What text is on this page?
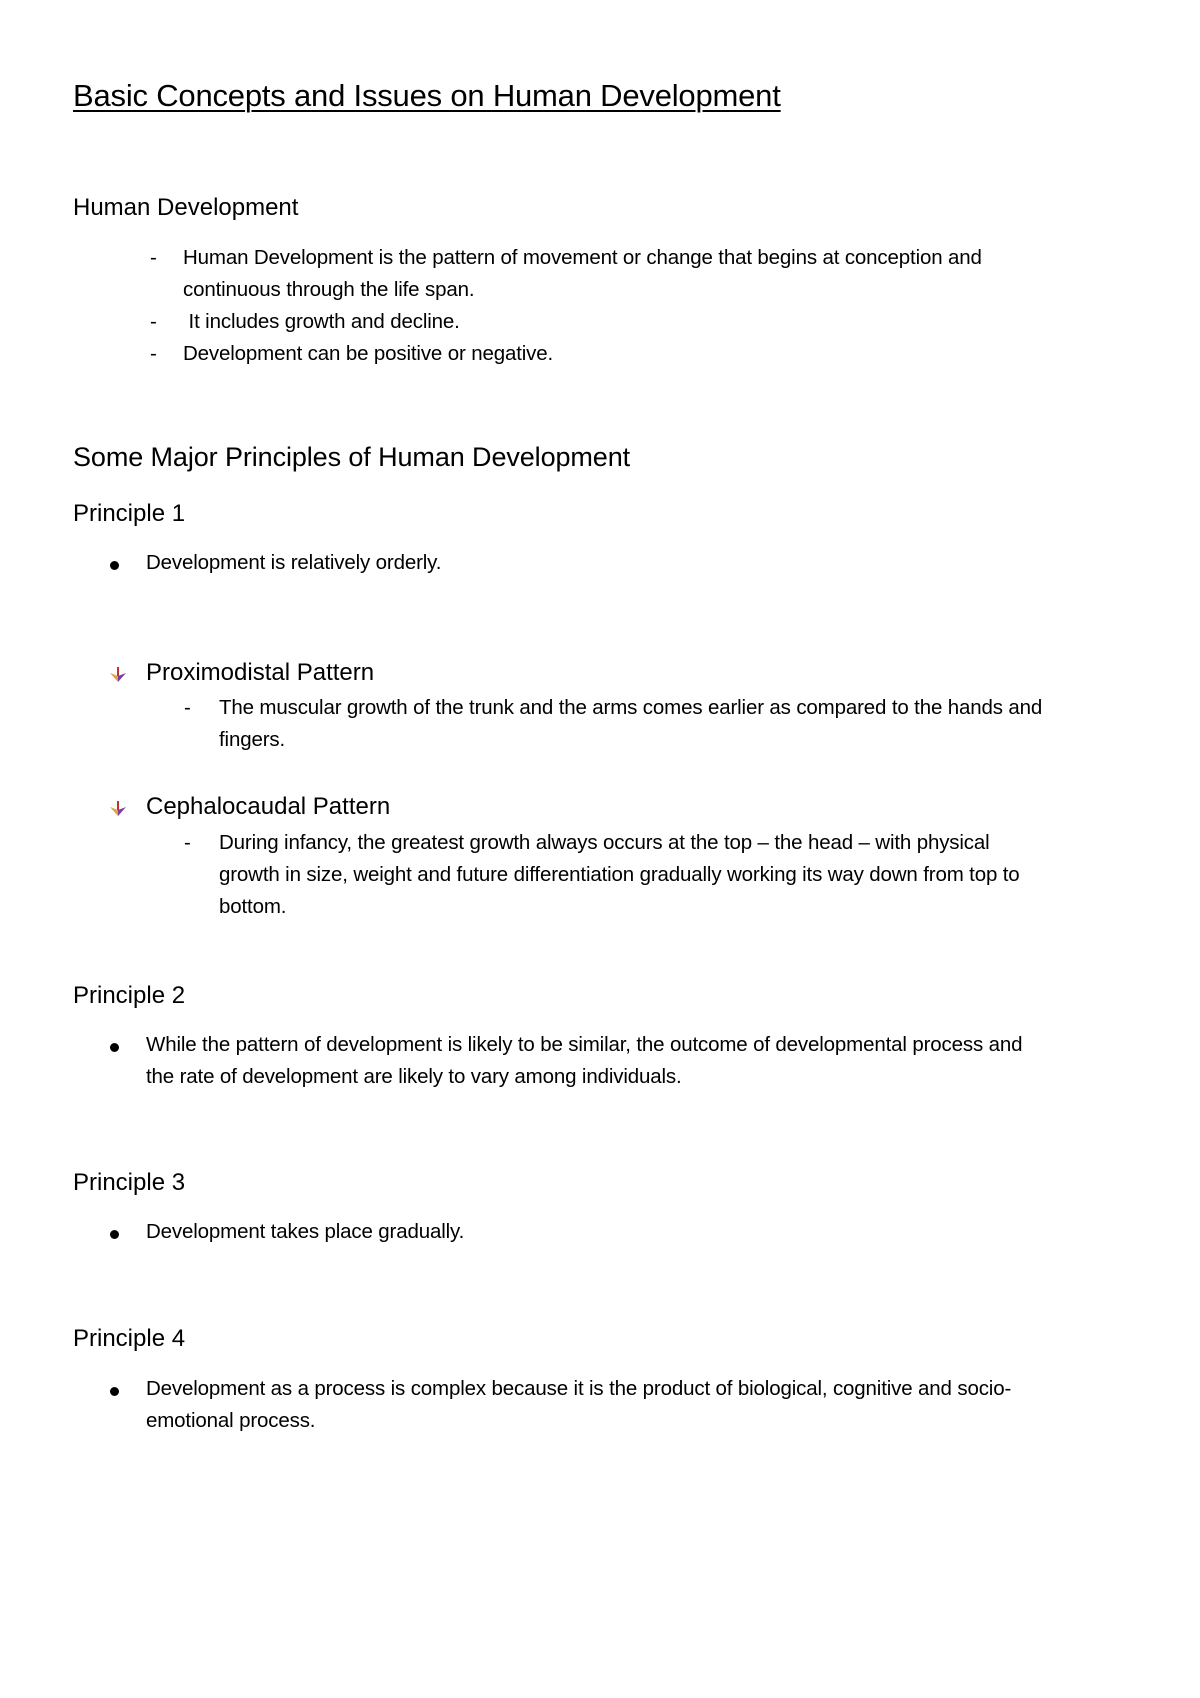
Basic Concepts and Issues on Human Development
Human Development
- Human Development is the pattern of movement or change that begins at conception and
continuous through the life span.
- It includes growth and decline.
- Development can be positive or negative.
Some Major Principles of Human Development
Principle 1
Development is relatively orderly.
Proximodistal Pattern
- The muscular growth of the trunk and the arms comes earlier as compared to the hands and
fingers.
Cephalocaudal Pattern
- During infancy, the greatest growth always occurs at the top – the head – with physical
growth in size, weight and future differentiation gradually working its way down from top to
bottom.
Principle 2
While the pattern of development is likely to be similar, the outcome of developmental process and
the rate of development are likely to vary among individuals.
Principle 3
Development takes place gradually.
Principle 4
Development as a process is complex because it is the product of biological, cognitive and socio-
emotional process.
